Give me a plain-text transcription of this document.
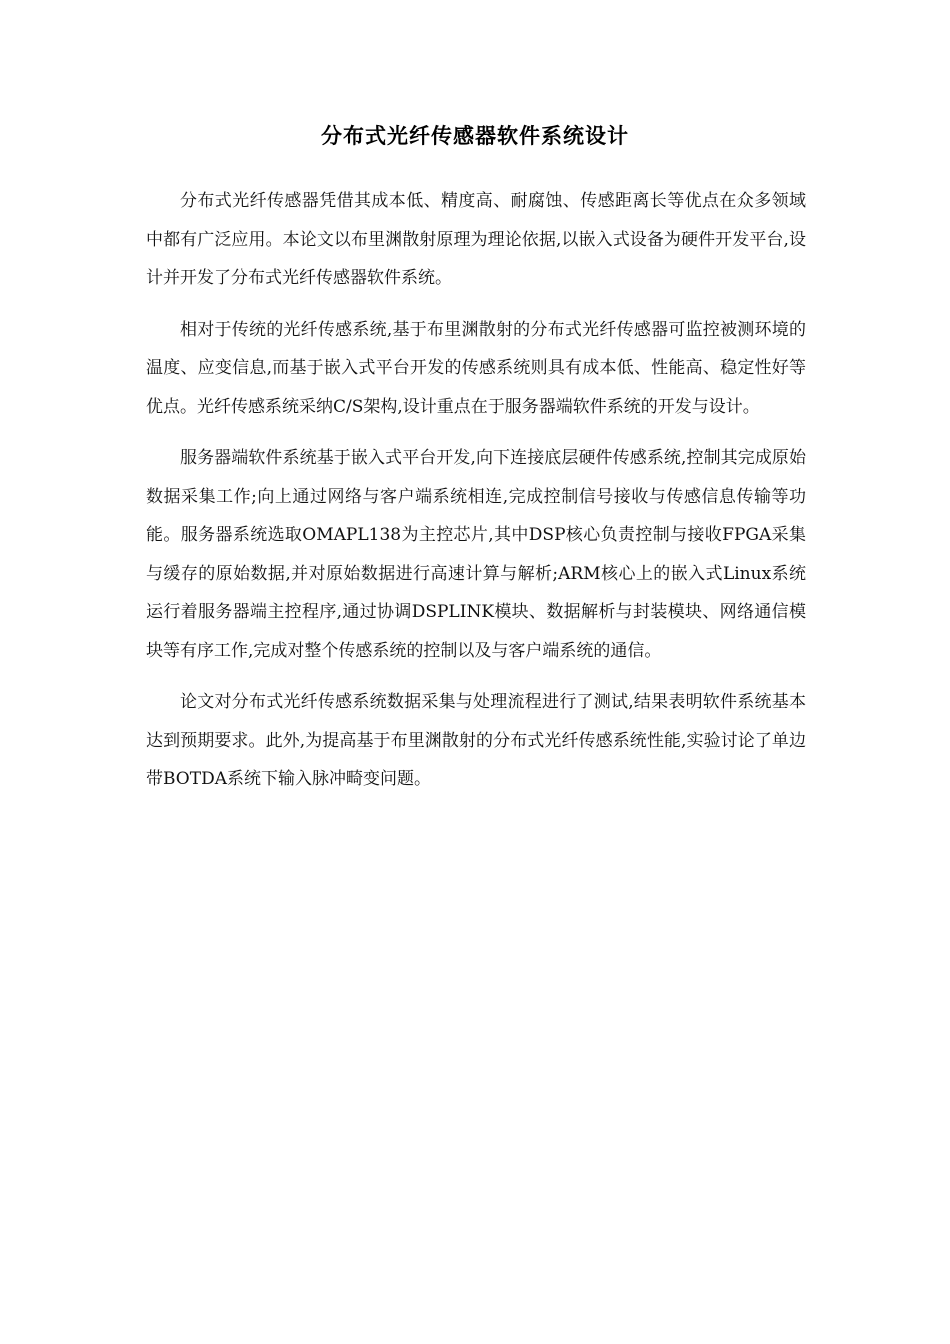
分布式光纤传感器软件系统设计

分布式光纤传感器凭借其成本低、精度高、耐腐蚀、传感距离长等优点在众多领域中都有广泛应用。本论文以布里渊散射原理为理论依据,以嵌入式设备为硬件开发平台,设计并开发了分布式光纤传感器软件系统。

相对于传统的光纤传感系统,基于布里渊散射的分布式光纤传感器可监控被测环境的温度、应变信息,而基于嵌入式平台开发的传感系统则具有成本低、性能高、稳定性好等优点。光纤传感系统采纳C/S架构,设计重点在于服务器端软件系统的开发与设计。

服务器端软件系统基于嵌入式平台开发,向下连接底层硬件传感系统,控制其完成原始数据采集工作;向上通过网络与客户端系统相连,完成控制信号接收与传感信息传输等功能。服务器系统选取OMAPL138为主控芯片,其中DSP核心负责控制与接收FPGA采集与缓存的原始数据,并对原始数据进行高速计算与解析;ARM核心上的嵌入式Linux系统运行着服务器端主控程序,通过协调DSPLINK模块、数据解析与封装模块、网络通信模块等有序工作,完成对整个传感系统的控制以及与客户端系统的通信。

论文对分布式光纤传感系统数据采集与处理流程进行了测试,结果表明软件系统基本达到预期要求。此外,为提高基于布里渊散射的分布式光纤传感系统性能,实验讨论了单边带BOTDA系统下输入脉冲畸变问题。
